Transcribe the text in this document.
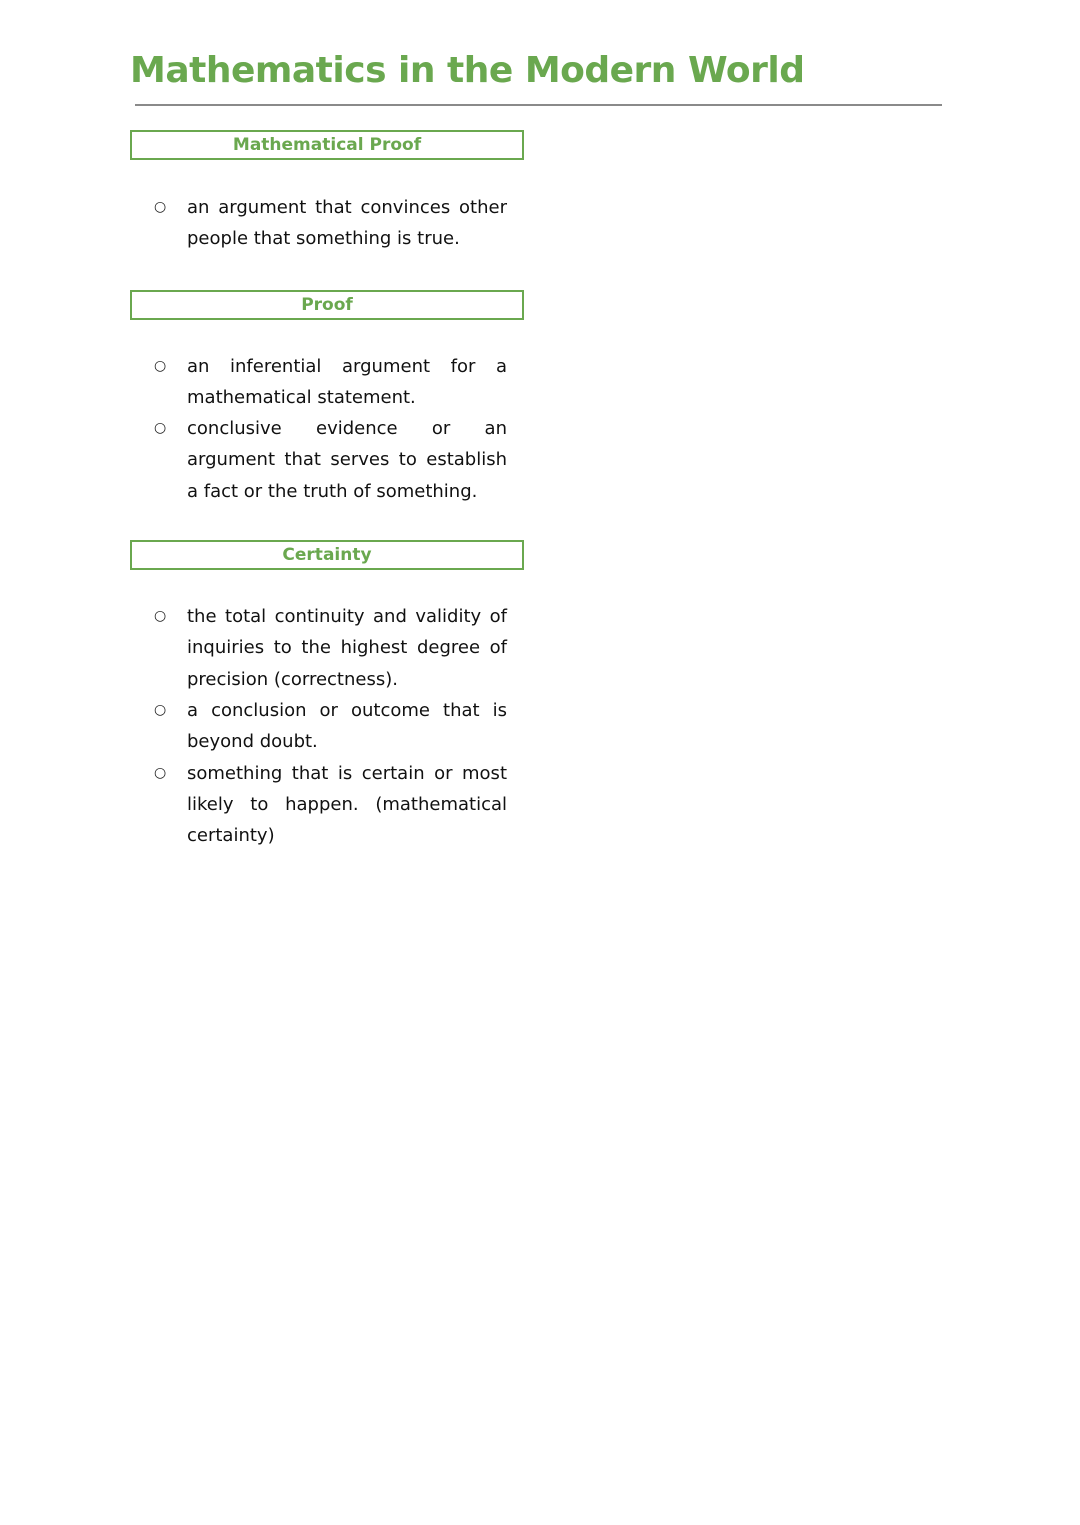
Mathematics in the Modern World
Mathematical Proof
○ an argument that convinces other people that something is true.
Proof
○ an inferential argument for a mathematical statement.
○ conclusive evidence or an argument that serves to establish a fact or the truth of something.
Certainty
○ the total continuity and validity of inquiries to the highest degree of precision (correctness).
○ a conclusion or outcome that is beyond doubt.
○ something that is certain or most likely to happen. (mathematical certainty)
